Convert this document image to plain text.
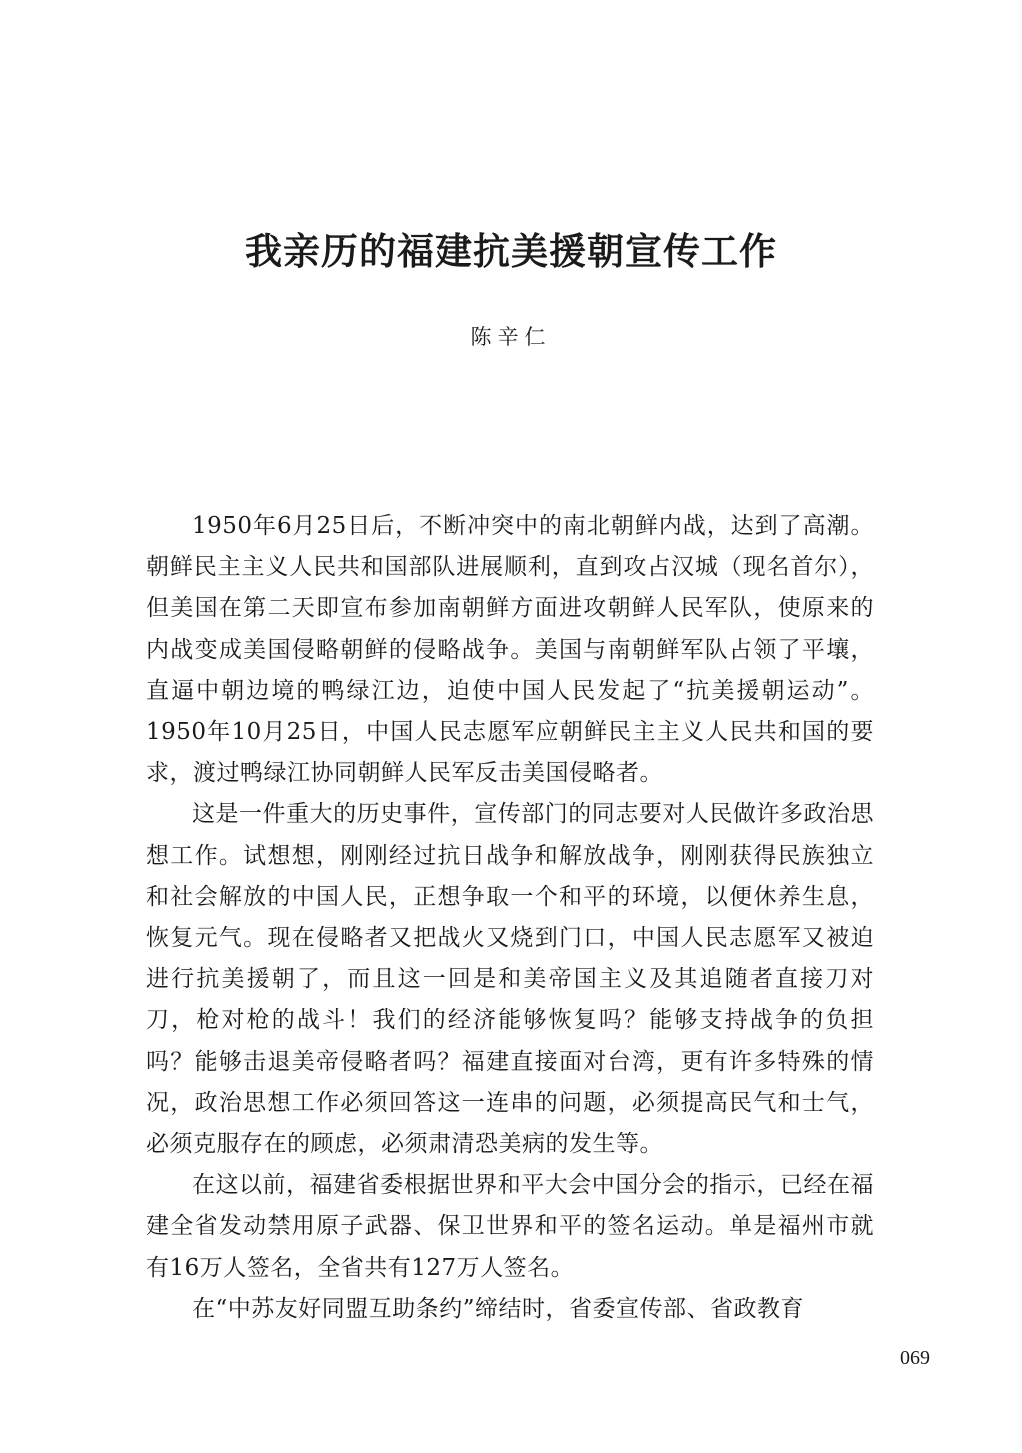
我亲历的福建抗美援朝宣传工作

陈辛仁

1950年6月25日后，不断冲突中的南北朝鲜内战，达到了高潮。朝鲜民主主义人民共和国部队进展顺利，直到攻占汉城（现名首尔），但美国在第二天即宣布参加南朝鲜方面进攻朝鲜人民军队，使原来的内战变成美国侵略朝鲜的侵略战争。美国与南朝鲜军队占领了平壤，直逼中朝边境的鸭绿江边，迫使中国人民发起了“抗美援朝运动”。1950年10月25日，中国人民志愿军应朝鲜民主主义人民共和国的要求，渡过鸭绿江协同朝鲜人民军反击美国侵略者。

这是一件重大的历史事件，宣传部门的同志要对人民做许多政治思想工作。试想想，刚刚经过抗日战争和解放战争，刚刚获得民族独立和社会解放的中国人民，正想争取一个和平的环境，以便休养生息，恢复元气。现在侵略者又把战火又烧到门口，中国人民志愿军又被迫进行抗美援朝了，而且这一回是和美帝国主义及其追随者直接刀对刀，枪对枪的战斗！我们的经济能够恢复吗？能够支持战争的负担吗？能够击退美帝侵略者吗？福建直接面对台湾，更有许多特殊的情况，政治思想工作必须回答这一连串的问题，必须提高民气和士气，必须克服存在的顾虑，必须肃清恐美病的发生等。

在这以前，福建省委根据世界和平大会中国分会的指示，已经在福建全省发动禁用原子武器、保卫世界和平的签名运动。单是福州市就有16万人签名，全省共有127万人签名。

在“中苏友好同盟互助条约”缔结时，省委宣传部、省政教育

069
